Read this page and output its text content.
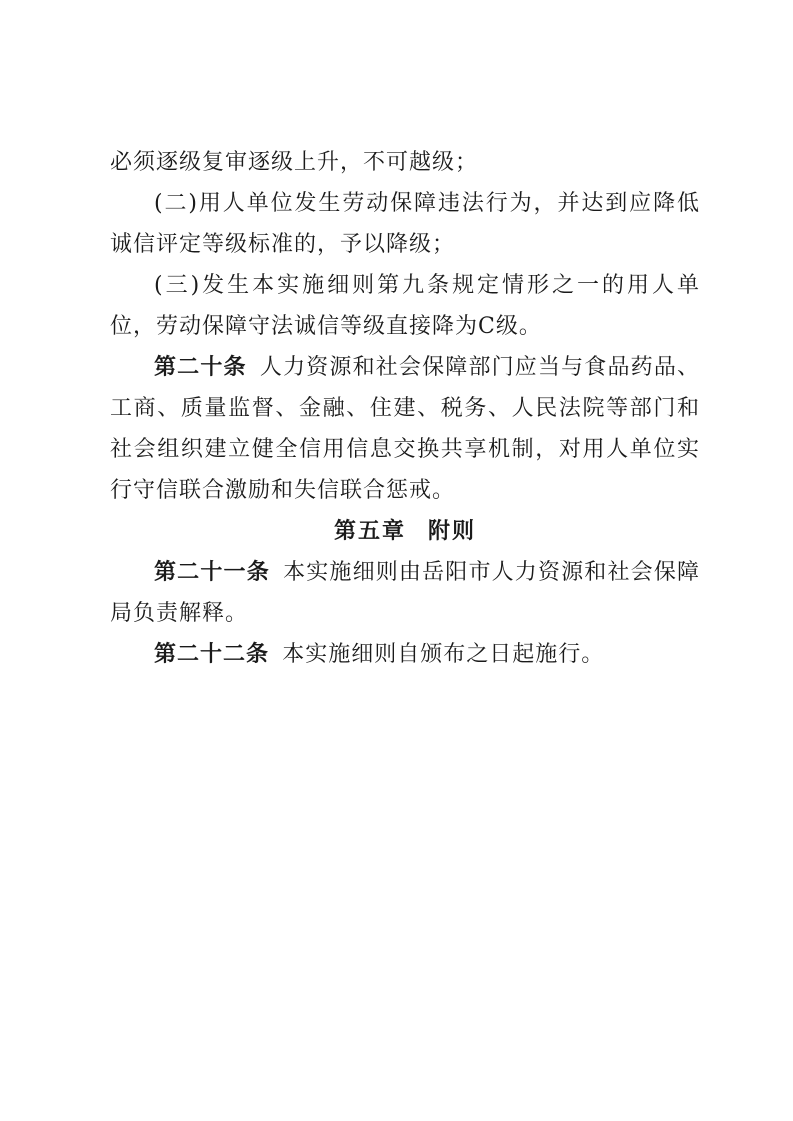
必须逐级复审逐级上升，不可越级；

(二)用人单位发生劳动保障违法行为，并达到应降低诚信评定等级标准的，予以降级；

(三)发生本实施细则第九条规定情形之一的用人单位，劳动保障守法诚信等级直接降为C级。

第二十条 人力资源和社会保障部门应当与食品药品、工商、质量监督、金融、住建、税务、人民法院等部门和社会组织建立健全信用信息交换共享机制，对用人单位实行守信联合激励和失信联合惩戒。

第五章 附则

第二十一条 本实施细则由岳阳市人力资源和社会保障局负责解释。

第二十二条 本实施细则自颁布之日起施行。
